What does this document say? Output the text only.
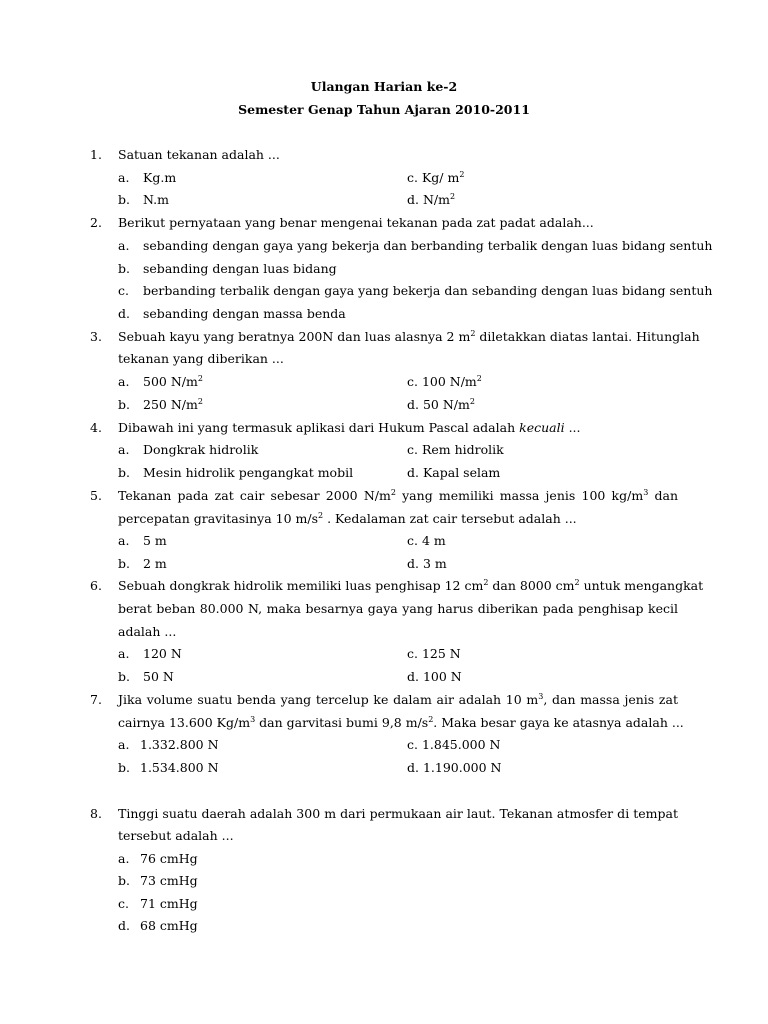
Ulangan Harian ke-2
Semester Genap Tahun Ajaran 2010-2011
1. Satuan tekanan adalah ...
a. Kg.m	c. Kg/ $m^2$
b. N.m	d. $N/m^2$
2. Berikut pernyataan yang benar mengenai tekanan pada zat padat adalah...
a. sebanding dengan gaya yang bekerja dan berbanding terbalik dengan luas bidang sentuh
b. sebanding dengan luas bidang
c. berbanding terbalik dengan gaya yang bekerja dan sebanding dengan luas bidang sentuh
d. sebanding dengan massa benda
3. Sebuah kayu yang beratnya 200N dan luas alasnya 2 $m^2$ diletakkan diatas lantai. Hitunglah
tekanan yang diberikan ...
a. 500 $N/m^2$	c. 100 $N/m^2$
b. 250 $N/m^2$	d. 50 $N/m^2$
4. Dibawah ini yang termasuk aplikasi dari Hukum Pascal adalah kecuali ...
a. Dongkrak hidrolik	c. Rem hidrolik
b. Mesin hidrolik pengangkat mobil	d. Kapal selam
5. Tekanan pada zat cair sebesar 2000 $N/m^2$ yang memiliki massa jenis 100 $kg/m^3$ dan
percepatan gravitasinya 10 $m/s^2$ . Kedalaman zat cair tersebut adalah ...
a. 5 m	c. 4 m
b. 2 m	d. 3 m
6. Sebuah dongkrak hidrolik memiliki luas penghisap 12 $cm^2$ dan 8000 $cm^2$ untuk mengangkat
berat beban 80.000 N, maka besarnya gaya yang harus diberikan pada penghisap kecil
adalah ...
a. 120 N	c. 125 N
b. 50 N	d. 100 N
7. Jika volume suatu benda yang tercelup ke dalam air adalah 10 $m^3$, dan massa jenis zat
cairnya 13.600 $Kg/m^3$ dan garvitasi bumi 9,8 $m/s^2$. Maka besar gaya ke atasnya adalah ...
a. 1.332.800 N	c. 1.845.000 N
b. 1.534.800 N	d. 1.190.000 N
8. Tinggi suatu daerah adalah 300 m dari permukaan air laut. Tekanan atmosfer di tempat
tersebut adalah ...
a. 76 cmHg
b. 73 cmHg
c. 71 cmHg
d. 68 cmHg
